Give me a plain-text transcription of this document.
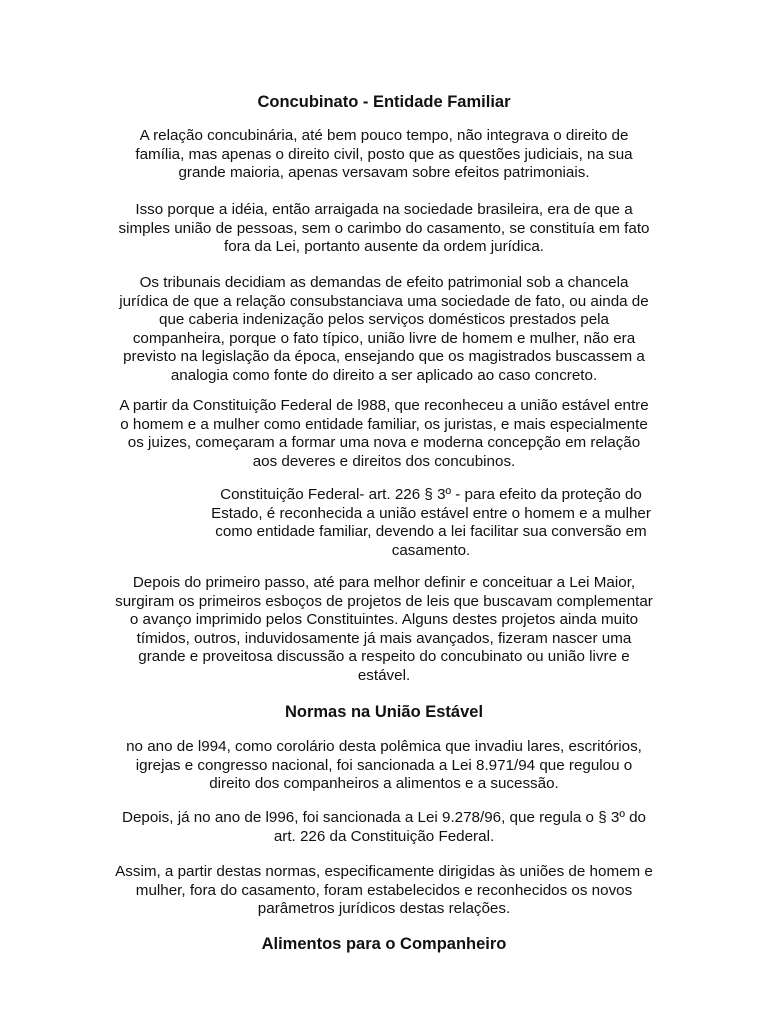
Concubinato - Entidade Familiar

A relação concubinária, até bem pouco tempo, não integrava o direito de
família, mas apenas o direito civil, posto que as questões judiciais, na sua
grande maioria, apenas versavam sobre efeitos patrimoniais.

Isso porque a idéia, então arraigada na sociedade brasileira, era de que a
simples união de pessoas, sem o carimbo do casamento, se constituía em fato
fora da Lei, portanto ausente da ordem jurídica.

Os tribunais decidiam as demandas de efeito patrimonial sob a chancela
jurídica de que a relação consubstanciava uma sociedade de fato, ou ainda de
que caberia indenização pelos serviços domésticos prestados pela
companheira, porque o fato típico, união livre de homem e mulher, não era
previsto na legislação da época, ensejando que os magistrados buscassem a
analogia como fonte do direito a ser aplicado ao caso concreto.

A partir da Constituição Federal de l988, que reconheceu a união estável entre
o homem e a mulher como entidade familiar, os juristas, e mais especialmente
os juizes, começaram a formar uma nova e moderna concepção em relação
aos deveres e direitos dos concubinos.

Constituição Federal- art. 226 § 3º - para efeito da proteção do
Estado, é reconhecida a união estável entre o homem e a mulher
como entidade familiar, devendo a lei facilitar sua conversão em
casamento.

Depois do primeiro passo, até para melhor definir e conceituar a Lei Maior,
surgiram os primeiros esboços de projetos de leis que buscavam complementar
o avanço imprimido pelos Constituintes. Alguns destes projetos ainda muito
tímidos, outros, induvidosamente já mais avançados, fizeram nascer uma
grande e proveitosa discussão a respeito do concubinato ou união livre e
estável.

Normas na União Estável

no ano de l994, como corolário desta polêmica que invadiu lares, escritórios,
igrejas e congresso nacional, foi sancionada a Lei 8.971/94 que regulou o
direito dos companheiros a alimentos e a sucessão.

Depois, já no ano de l996, foi sancionada a Lei 9.278/96, que regula o § 3º do
art. 226 da Constituição Federal.

Assim, a partir destas normas, especificamente dirigidas às uniões de homem e
mulher, fora do casamento, foram estabelecidos e reconhecidos os novos
parâmetros jurídicos destas relações.

Alimentos para o Companheiro
